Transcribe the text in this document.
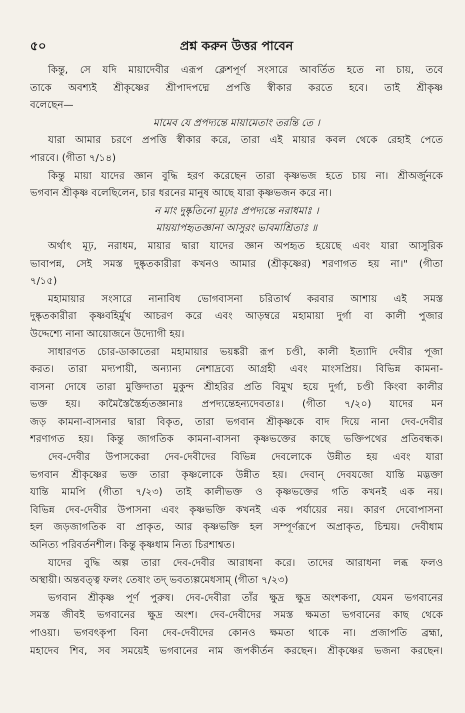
৫০	প্রশ্ন করুন উত্তর পাবেন
কিন্তু, সে যদি মায়াদেবীর এরূপ ক্লেশপূর্ণ সংসারে আবর্তিত হতে না চায়, তবে
তাকে অবশ্যই শ্রীকৃষ্ণের শ্রীপাদপদ্মে প্রপত্তি স্বীকার করতে হবে। তাই শ্রীকৃষ্ণ
বলেছেন—
মামেব যে প্রপদ্যন্তে মায়ামেতাং তরন্তি তে ।
যারা আমার চরণে প্রপত্তি স্বীকার করে, তারা এই মায়ার কবল থেকে রেহাই পেতে
পারবে। (গীতা ৭/১৪)
কিন্তু মায়া যাদের জ্ঞান বুদ্ধি হরণ করেছেন তারা কৃষ্ণভজ হতে চায় না। শ্রীঅর্জুনকে
ভগবান শ্রীকৃষ্ণ বলেছিলেন, চার ধরনের মানুষ আছে যারা কৃষ্ণভজন করে না।
ন মাং দুষ্কৃতিনো মূঢ়াঃ প্রপদ্যন্তে নরাধমাঃ ।
মায়য়াপহৃতজ্ঞানা আসুরং ভাবমাশ্রিতাঃ ॥
অর্থাৎ মূঢ়, নরাধম, মায়ার দ্বারা যাদের জ্ঞান অপহৃত হয়েছে এবং যারা আসুরিক
ভাবাপন্ন, সেই সমস্ত দুষ্কৃতকারীরা কখনও আমার (শ্রীকৃষ্ণের) শরণাগত হয় না।" (গীতা
৭/১৫)
মহামায়ার সংসারে নানাবিধ ভোগবাসনা চরিতার্থ করবার আশায় এই সমস্ত
দুষ্কৃতকারীরা কৃষ্ণবহির্মুখ আচরণ করে এবং আড়ম্বরে মহামায়া দুর্গা বা কালী পুজার
উদ্দেশ্যে নানা আয়োজনে উদ্যোগী হয়।
সাধারণত চোর-ডাকাতেরা মহামায়ার ভয়ঙ্করী রূপ চণ্ডী, কালী ইত্যাদি দেবীর পূজা
করত। তারা মদ্যপায়ী, অন্যান্য নেশাদ্রব্যে আগ্রহী এবং মাংসপ্রিয়। বিভিন্ন কামনা-
বাসনা দোষে তারা মুক্তিদাতা মুকুন্দ শ্রীহরির প্রতি বিমুখ হয়ে দুর্গা, চণ্ডী কিংবা কালীর
ভক্ত হয়। কামৈস্তৈস্তৈর্হৃতজ্ঞানাঃ প্রপদ্যন্তেহন্যদেবতাঃ। (গীতা ৭/২০) যাদের মন
জড় কামনা-বাসনার দ্বারা বিকৃত, তারা ভগবান শ্রীকৃষ্ণকে বাদ দিয়ে নানা দেব-দেবীর
শরণাগত হয়। কিন্তু জাগতিক কামনা-বাসনা কৃষ্ণভক্তের কাছে ভক্তিপথের প্রতিবন্ধক।
দেব-দেবীর উপাসকেরা দেব-দেবীদের বিভিন্ন দেবলোকে উন্নীত হয় এবং যারা
ভগবান শ্রীকৃষ্ণের ভক্ত তারা কৃষ্ণলোকে উন্নীত হয়। দেবান্ দেবযজো যান্তি মদ্ভক্তা
যান্তি মামপি (গীতা ৭/২৩) তাই কালীভক্ত ও কৃষ্ণভক্তের গতি কখনই এক নয়।
বিভিন্ন দেব-দেবীর উপাসনা এবং কৃষ্ণভক্তি কখনই এক পর্যায়ের নয়। কারণ দেবোপাসনা
হল জড়জাগতিক বা প্রাকৃত, আর কৃষ্ণভক্তি হল সম্পূর্ণরূপে অপ্রাকৃত, চিন্ময়। দেবীধাম
অনিত্য পরিবর্তনশীল। কিন্তু কৃষ্ণধাম নিত্য চিরশাশ্বত।
যাদের বুদ্ধি অল্প তারা দেব-দেবীর আরাধনা করে। তাদের আরাধনা লব্ধ ফলও
অস্থায়ী। অন্তবত্ত্ব ফলং তেষাং তদ্ ভবত্যল্পমেধসাম্ (গীতা ৭/২৩)
ভগবান শ্রীকৃষ্ণ পূর্ণ পুরুষ। দেব-দেবীরা তাঁর ক্ষুদ্র ক্ষুদ্র অংশকণা, যেমন ভগবানের
সমস্ত জীবই ভগবানের ক্ষুদ্র অংশ। দেব-দেবীদের সমস্ত ক্ষমতা ভগবানের কাছ থেকে
পাওয়া। ভগবৎকৃপা বিনা দেব-দেবীদের কোনও ক্ষমতা থাকে না। প্রজাপতি ব্রহ্মা,
মহাদেব শিব, সব সময়েই ভগবানের নাম জপকীর্তন করছেন। শ্রীকৃষ্ণের ভজনা করছেন।
